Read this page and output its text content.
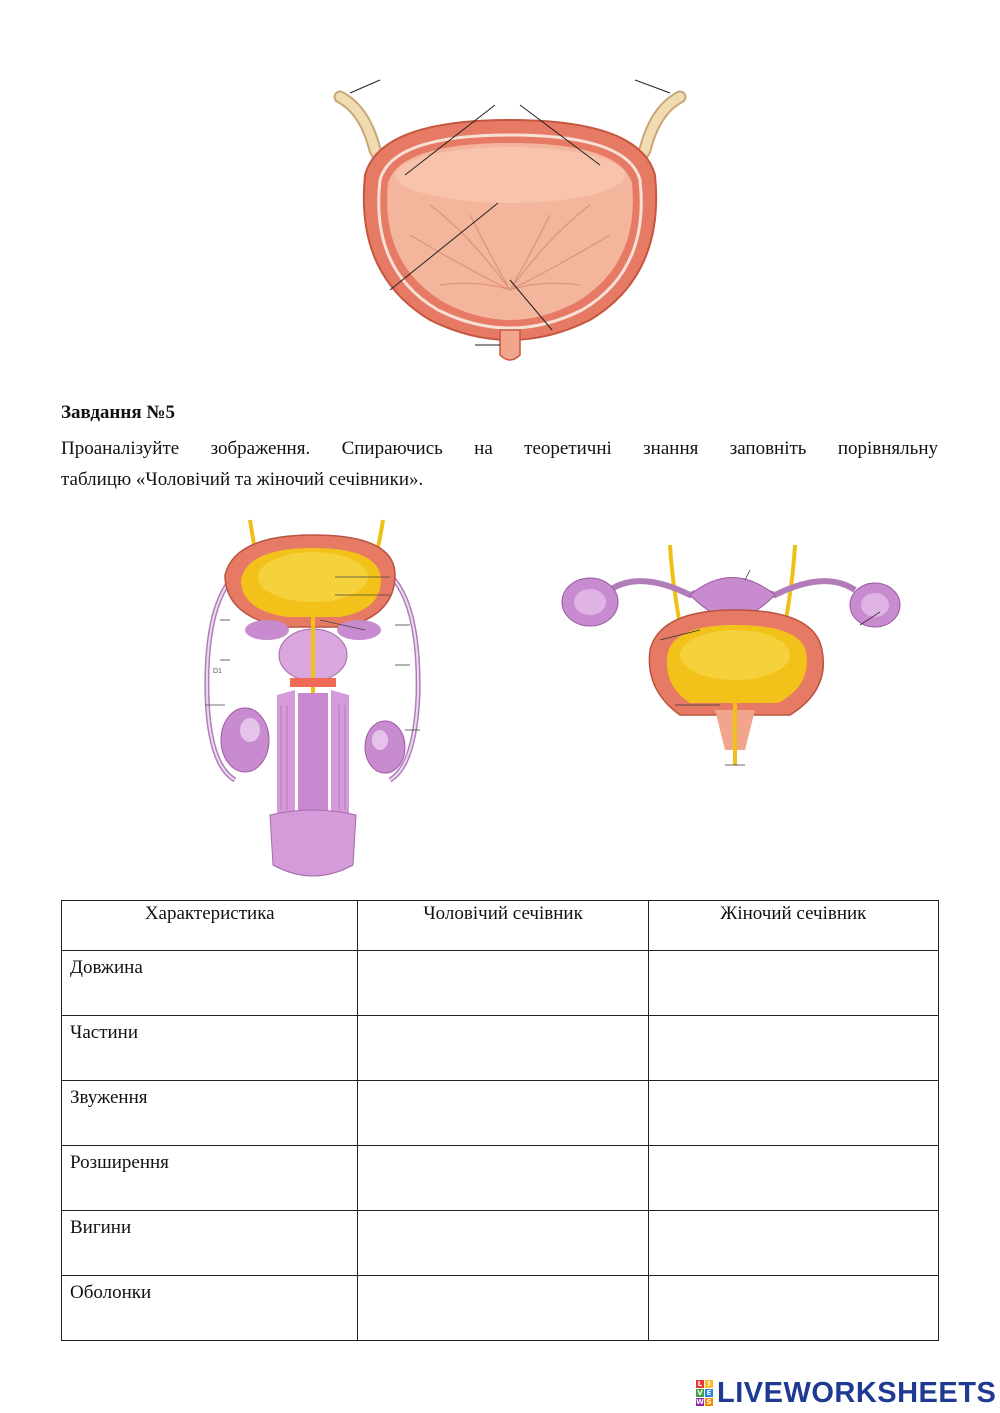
Завдання №5
Проаналізуйте зображення. Спираючись на теоретичні знання заповніть порівняльну
таблицю «Чоловічий та жіночий сечівники».
D1
Характеристика	Чоловічий сечівник	Жіночий сечівник
Довжина		
Частини		
Звуження		
Розширення		
Вигини		
Оболонки		
L I
V E
W S LIVEWORKSHEETS
